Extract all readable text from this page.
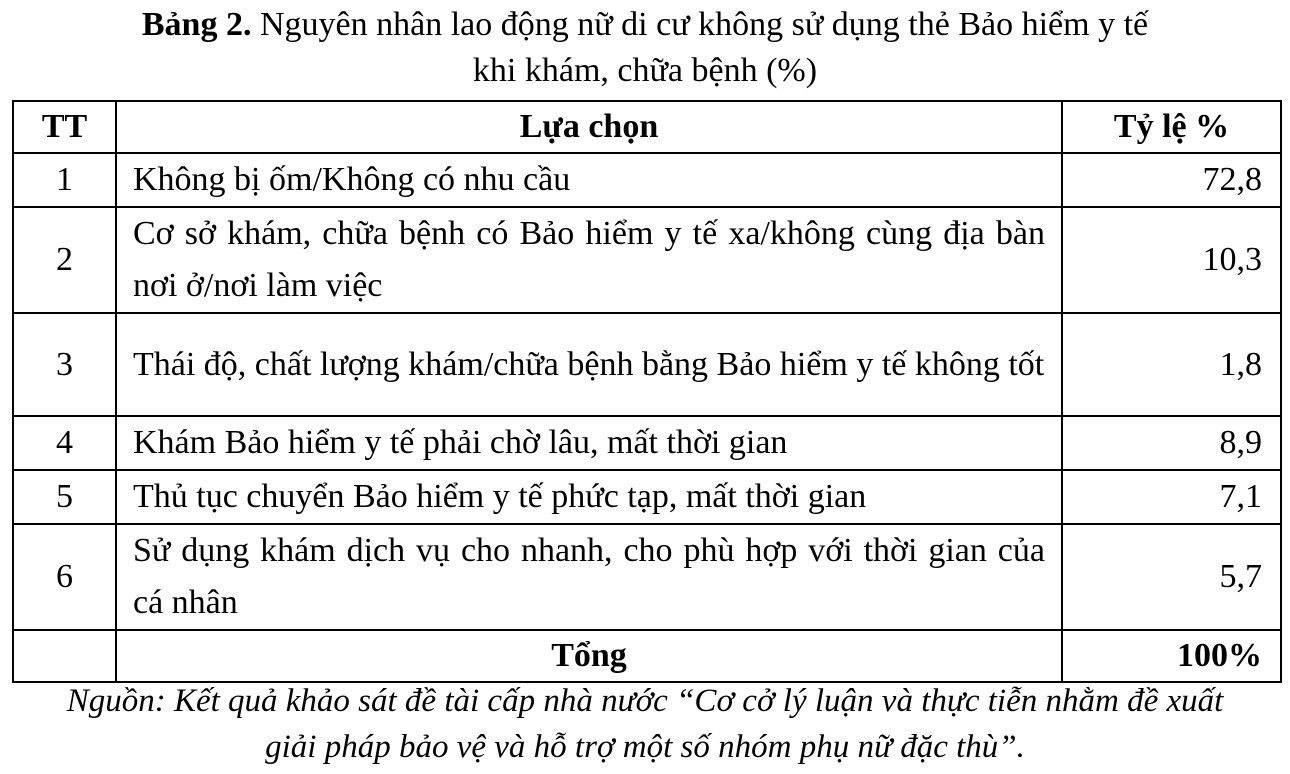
Bảng 2. Nguyên nhân lao động nữ di cư không sử dụng thẻ Bảo hiểm y tế
khi khám, chữa bệnh (%)
TT	Lựa chọn	Tỷ lệ %
1	Không bị ốm/Không có nhu cầu	72,8
2	Cơ sở khám, chữa bệnh có Bảo hiểm y tế xa/không cùng địa bàn nơi ở/nơi làm việc	10,3
3	Thái độ, chất lượng khám/chữa bệnh bằng Bảo hiểm y tế không tốt	1,8
4	Khám Bảo hiểm y tế phải chờ lâu, mất thời gian	8,9
5	Thủ tục chuyển Bảo hiểm y tế phức tạp, mất thời gian	7,1
6	Sử dụng khám dịch vụ cho nhanh, cho phù hợp với thời gian của cá nhân	5,7
	Tổng	100%
Nguồn: Kết quả khảo sát đề tài cấp nhà nước “Cơ cở lý luận và thực tiễn nhằm đề xuất
giải pháp bảo vệ và hỗ trợ một số nhóm phụ nữ đặc thù”.
